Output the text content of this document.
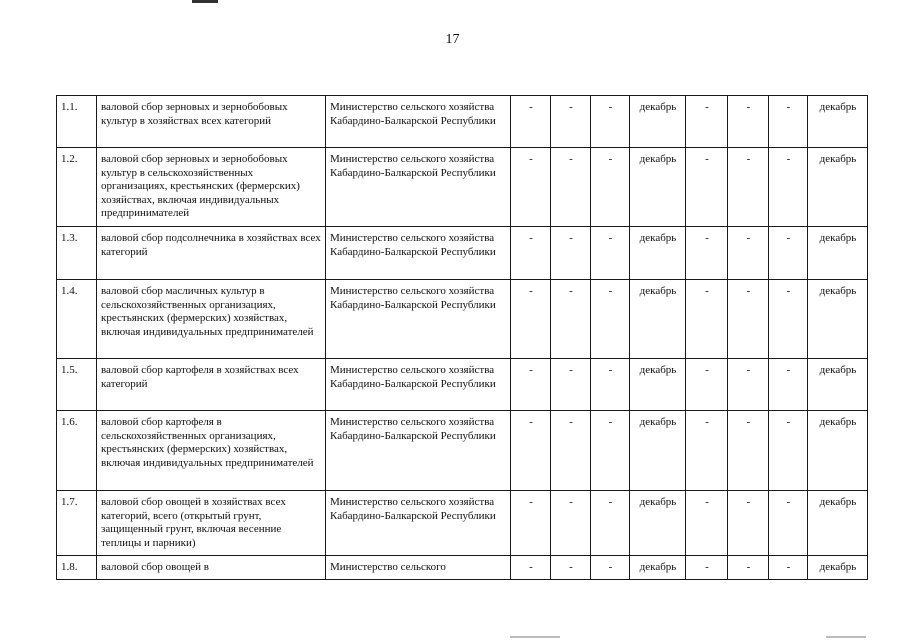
17
1.1.	валовой сбор зерновых и зернобобовых культур в хозяйствах всех категорий	Министерство сельского хозяйства Кабардино-Балкарской Республики	-	-	-	декабрь	-	-	-	декабрь
1.2.	валовой сбор зерновых и зернобобовых культур в сельскохозяйственных организациях, крестьянских (фермерских) хозяйствах, включая индивидуальных предпринимателей	Министерство сельского хозяйства Кабардино-Балкарской Республики	-	-	-	декабрь	-	-	-	декабрь
1.3.	валовой сбор подсолнечника в хозяйствах всех категорий	Министерство сельского хозяйства Кабардино-Балкарской Республики	-	-	-	декабрь	-	-	-	декабрь
1.4.	валовой сбор масличных культур в сельскохозяйственных организациях, крестьянских (фермерских) хозяйствах, включая индивидуальных предпринимателей	Министерство сельского хозяйства Кабардино-Балкарской Республики	-	-	-	декабрь	-	-	-	декабрь
1.5.	валовой сбор картофеля в хозяйствах всех категорий	Министерство сельского хозяйства Кабардино-Балкарской Республики	-	-	-	декабрь	-	-	-	декабрь
1.6.	валовой сбор картофеля в сельскохозяйственных организациях, крестьянских (фермерских) хозяйствах, включая индивидуальных предпринимателей	Министерство сельского хозяйства Кабардино-Балкарской Республики	-	-	-	декабрь	-	-	-	декабрь
1.7.	валовой сбор овощей в хозяйствах всех категорий, всего (открытый грунт, защищенный грунт, включая весенние теплицы и парники)	Министерство сельского хозяйства Кабардино-Балкарской Республики	-	-	-	декабрь	-	-	-	декабрь
1.8.	валовой сбор овощей в	Министерство сельского	-	-	-	декабрь	-	-	-	декабрь
